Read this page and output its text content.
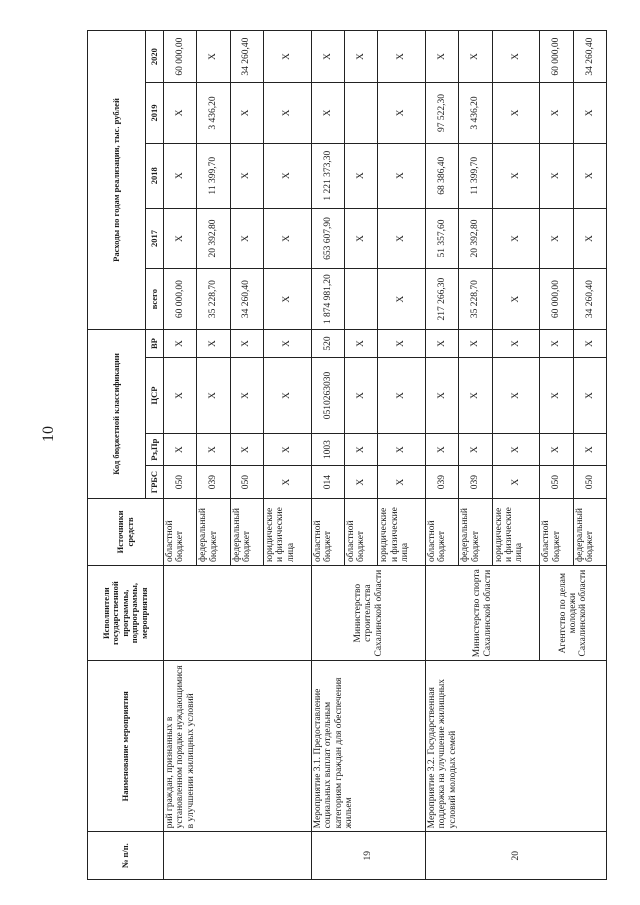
10
№ п/п.	Наименование мероприятия	Исполнители государственной программы, подпрограммы, мероприятия	Источники средств	Код бюджетной классификации				Расходы по годам реализации, тыс. рублей				
				ГРБС	Рз,Пр	ЦСР	ВР	всего	2017	2018	2019	2020
	рий граждан, признанных в установленном порядке нуждающимися в улучшении жилищных условий		областной бюджет	050	Х	Х	Х	60 000,00	Х	Х	Х	60 000,00
			федеральный бюджет	039	Х	Х	Х	35 228,70	20 392,80	11 399,70	3 436,20	Х
			федеральный бюджет	050	Х	Х	Х	34 260,40	Х	Х	Х	34 260,40
			юридические и физические лица	Х	Х	Х	Х	Х	Х	Х	Х	Х
19	Мероприятие 3.1. Предоставление социальных выплат отдельным категориям граждан для обеспечения жильем	Министерство строительства Сахалинской области	областной бюджет	014	1003	0510263030	520	1 874 981,20	653 607,90	1 221 373,30	Х	Х
			областной бюджет	Х	Х	Х	Х		Х	Х		Х
			юридические и физические лица	Х	Х	Х	Х	Х	Х	Х	Х	Х
20	Мероприятие 3.2. Государственная поддержка на улучшение жилищных условий молодых семей	Министерство спорта Сахалинской области	областной бюджет	039	Х	Х	Х	217 266,30	51 357,60	68 386,40	97 522,30	Х
			федеральный бюджет	039	Х	Х	Х	35 228,70	20 392,80	11 399,70	3 436,20	Х
			юридические и физические лица	Х	Х	Х	Х	Х	Х	Х	Х	Х
		Агентство по делам молодежи Сахалинской области	областной бюджет	050	Х	Х	Х	60 000,00	Х	Х	Х	60 000,00
			федеральный бюджет	050	Х	Х	Х	34 260,40	Х	Х	Х	34 260,40
